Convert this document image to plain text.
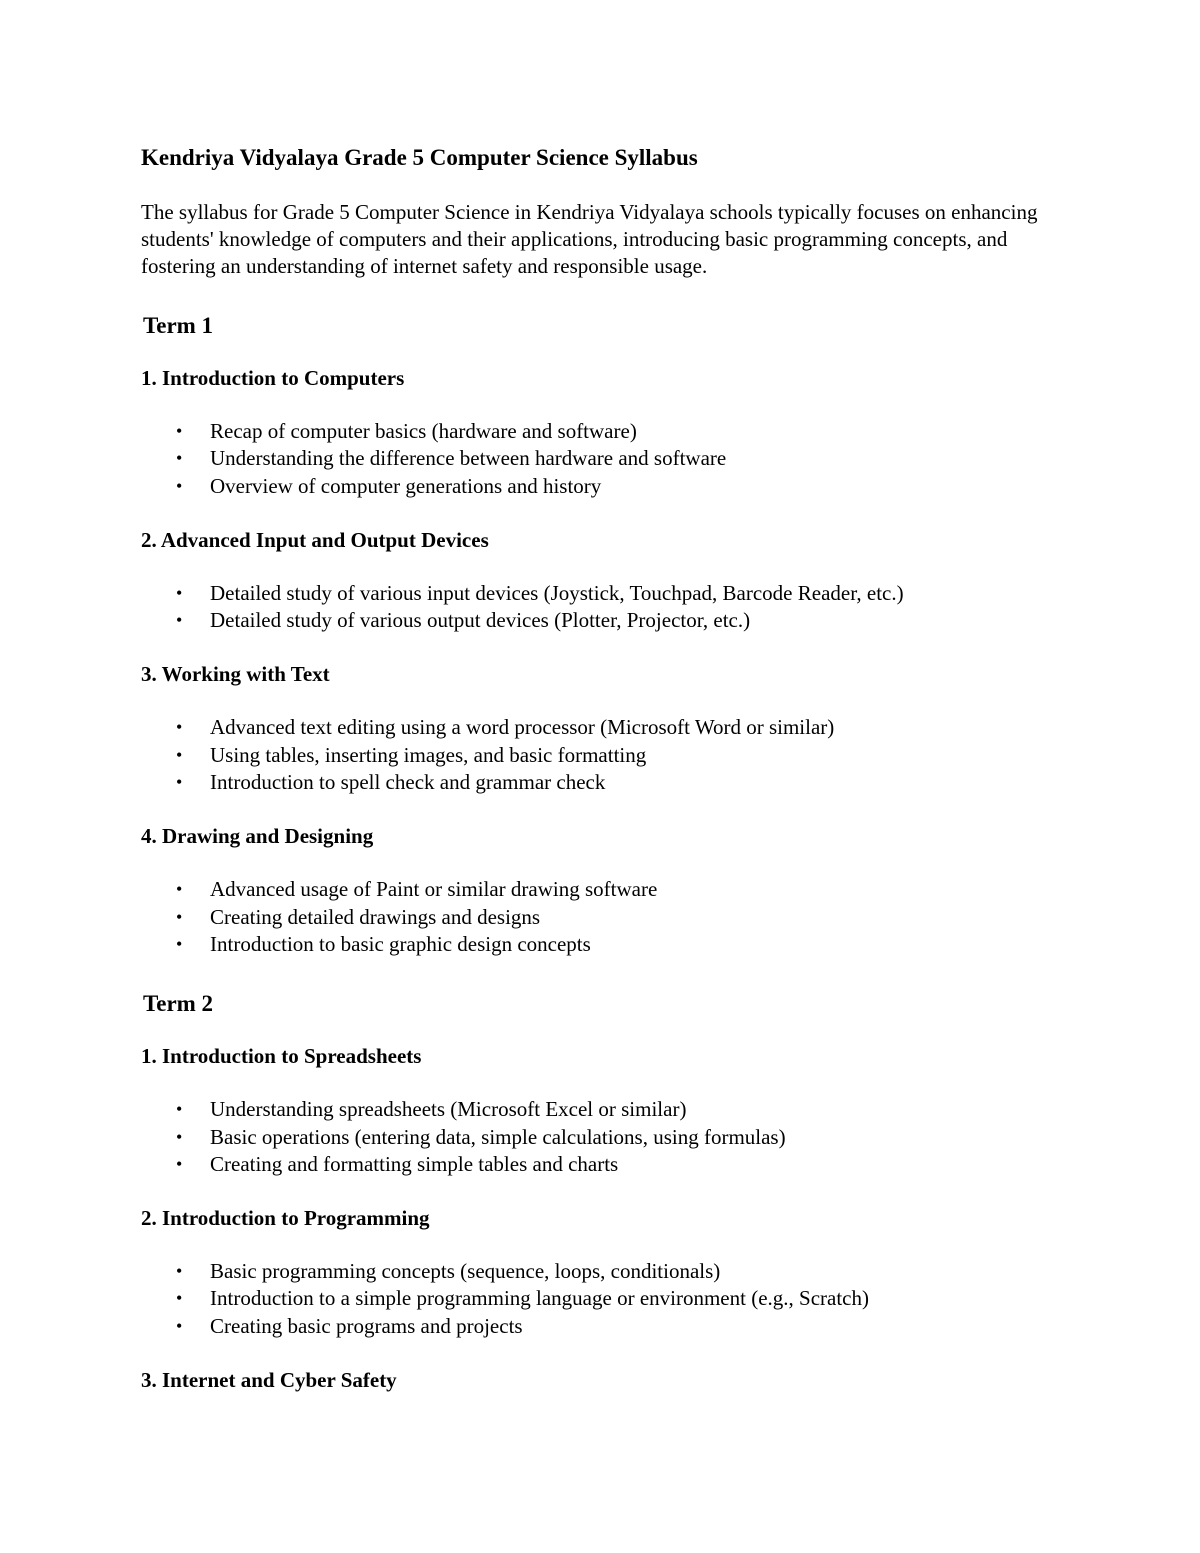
Kendriya Vidyalaya Grade 5 Computer Science Syllabus

The syllabus for Grade 5 Computer Science in Kendriya Vidyalaya schools typically focuses on enhancing students' knowledge of computers and their applications, introducing basic programming concepts, and fostering an understanding of internet safety and responsible usage.

Term 1
1. Introduction to Computers
• Recap of computer basics (hardware and software)
• Understanding the difference between hardware and software
• Overview of computer generations and history
2. Advanced Input and Output Devices
• Detailed study of various input devices (Joystick, Touchpad, Barcode Reader, etc.)
• Detailed study of various output devices (Plotter, Projector, etc.)
3. Working with Text
• Advanced text editing using a word processor (Microsoft Word or similar)
• Using tables, inserting images, and basic formatting
• Introduction to spell check and grammar check
4. Drawing and Designing
• Advanced usage of Paint or similar drawing software
• Creating detailed drawings and designs
• Introduction to basic graphic design concepts
Term 2
1. Introduction to Spreadsheets
• Understanding spreadsheets (Microsoft Excel or similar)
• Basic operations (entering data, simple calculations, using formulas)
• Creating and formatting simple tables and charts
2. Introduction to Programming
• Basic programming concepts (sequence, loops, conditionals)
• Introduction to a simple programming language or environment (e.g., Scratch)
• Creating basic programs and projects
3. Internet and Cyber Safety
